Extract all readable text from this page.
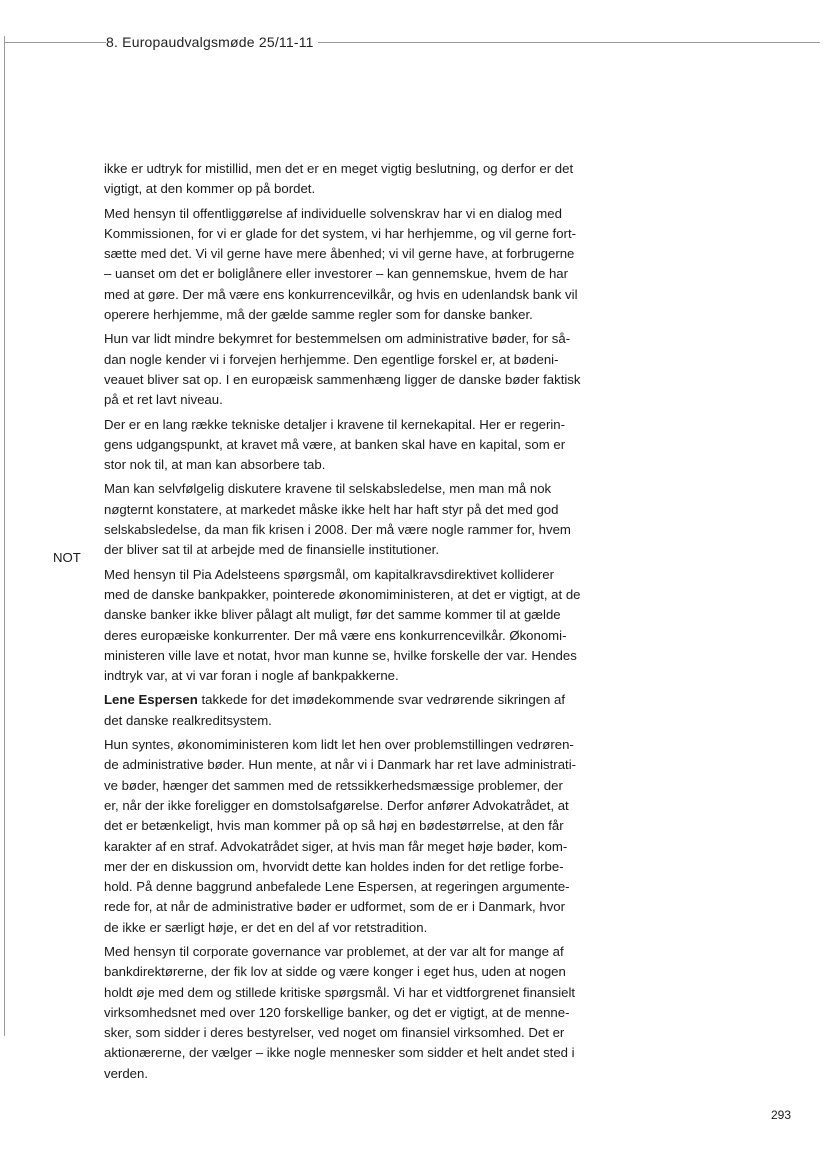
8. Europaudvalgsmøde 25/11-11
NOT

ikke er udtryk for mistillid, men det er en meget vigtig beslutning, og derfor er det
vigtigt, at den kommer op på bordet.

Med hensyn til offentliggørelse af individuelle solvenskrav har vi en dialog med
Kommissionen, for vi er glade for det system, vi har herhjemme, og vil gerne fort-
sætte med det. Vi vil gerne have mere åbenhed; vi vil gerne have, at forbrugerne
– uanset om det er boliglånere eller investorer – kan gennemskue, hvem de har
med at gøre. Der må være ens konkurrencevilkår, og hvis en udenlandsk bank vil
operere herhjemme, må der gælde samme regler som for danske banker.

Hun var lidt mindre bekymret for bestemmelsen om administrative bøder, for så-
dan nogle kender vi i forvejen herhjemme. Den egentlige forskel er, at bødeni-
veauet bliver sat op. I en europæisk sammenhæng ligger de danske bøder faktisk
på et ret lavt niveau.

Der er en lang række tekniske detaljer i kravene til kernekapital. Her er regerin-
gens udgangspunkt, at kravet må være, at banken skal have en kapital, som er
stor nok til, at man kan absorbere tab.

Man kan selvfølgelig diskutere kravene til selskabsledelse, men man må nok
nøgternt konstatere, at markedet måske ikke helt har haft styr på det med god
selskabsledelse, da man fik krisen i 2008. Der må være nogle rammer for, hvem
der bliver sat til at arbejde med de finansielle institutioner.

Med hensyn til Pia Adelsteens spørgsmål, om kapitalkravsdirektivet kolliderer
med de danske bankpakker, pointerede økonomiministeren, at det er vigtigt, at de
danske banker ikke bliver pålagt alt muligt, før det samme kommer til at gælde
deres europæiske konkurrenter. Der må være ens konkurrencevilkår. Økonomi-
ministeren ville lave et notat, hvor man kunne se, hvilke forskelle der var. Hendes
indtryk var, at vi var foran i nogle af bankpakkerne.

Lene Espersen takkede for det imødekommende svar vedrørende sikringen af
det danske realkreditsystem.

Hun syntes, økonomiministeren kom lidt let hen over problemstillingen vedrøren-
de administrative bøder. Hun mente, at når vi i Danmark har ret lave administrati-
ve bøder, hænger det sammen med de retssikkerhedsmæssige problemer, der
er, når der ikke foreligger en domstolsafgørelse. Derfor anfører Advokatrådet, at
det er betænkeligt, hvis man kommer på op så høj en bødestørrelse, at den får
karakter af en straf. Advokatrådet siger, at hvis man får meget høje bøder, kom-
mer der en diskussion om, hvorvidt dette kan holdes inden for det retlige forbe-
hold. På denne baggrund anbefalede Lene Espersen, at regeringen argumente-
rede for, at når de administrative bøder er udformet, som de er i Danmark, hvor
de ikke er særligt høje, er det en del af vor retstradition.

Med hensyn til corporate governance var problemet, at der var alt for mange af
bankdirektørerne, der fik lov at sidde og være konger i eget hus, uden at nogen
holdt øje med dem og stillede kritiske spørgsmål. Vi har et vidtforgrenet finansielt
virksomhedsnet med over 120 forskellige banker, og det er vigtigt, at de menne-
sker, som sidder i deres bestyrelser, ved noget om finansiel virksomhed. Det er
aktionærerne, der vælger – ikke nogle mennesker som sidder et helt andet sted i
verden.

293
